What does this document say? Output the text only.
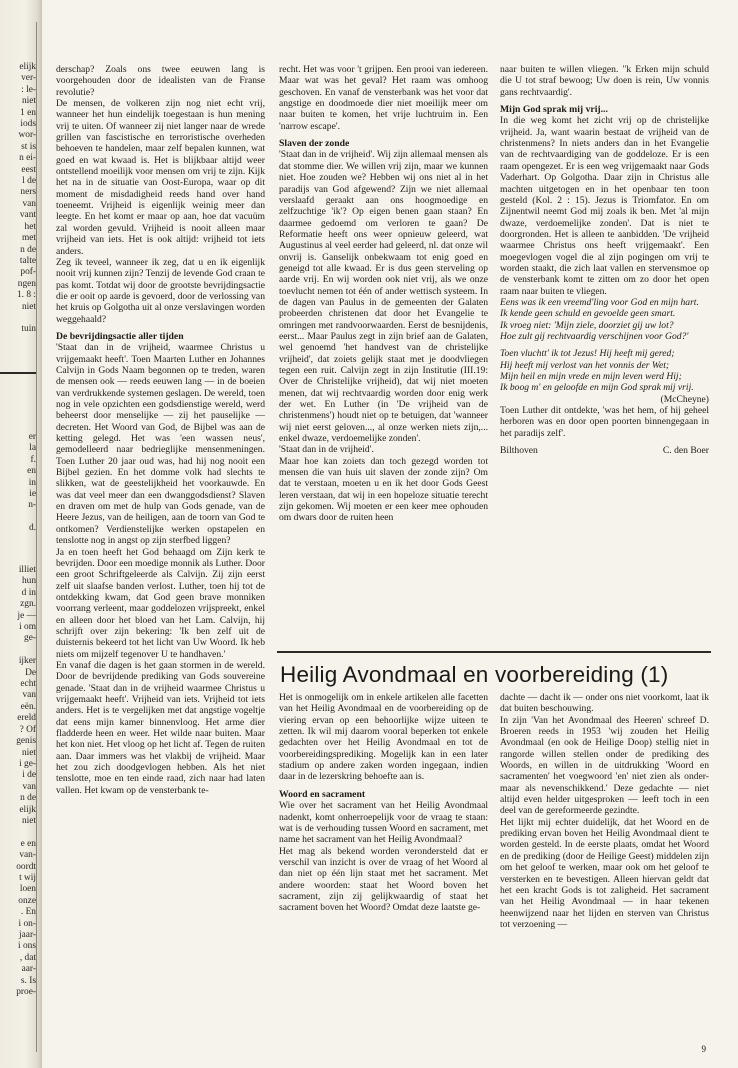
elijk
ver-
: le-
niet
1 en
iods
wor-
st is
n ei-
eest
l de
ners
van
vant
het
met
n de
talte
pof-
ngen
1. 8 :
niet

tuin
er
la
f.
en
in
ie
n-

d.
illiet
hun
d in
zgn.
je —
i om
ge-

ijker
De
echt
van
eën.
ereld
? Of
genis
niet
i ge-
i de
van
n de
elijk
niet

e en
van-
oordt
t wij
loen
onze
. En
i on-
jaar-
i ons
, dat
aar-
s. Is
proe-

derschap? Zoals ons twee eeuwen lang is voorgehouden door de idealisten van de Franse revolutie?

De mensen, de volkeren zijn nog niet echt vrij, wanneer het hun eindelijk toegestaan is hun mening vrij te uiten. Of wanneer zij niet langer naar de wrede grillen van fascistische en terroristische overheden behoeven te handelen, maar zelf bepalen kunnen, wat goed en wat kwaad is. Het is blijkbaar altijd weer ontstellend moeilijk voor mensen om vrij te zijn. Kijk het na in de situatie van Oost-Europa, waar op dit moment de misdadigheid reeds hand over hand toeneemt. Vrijheid is eigenlijk weinig meer dan leegte. En het komt er maar op aan, hoe dat vacuüm zal worden gevuld. Vrijheid is nooit alleen maar vrijheid van iets. Het is ook altijd: vrijheid tot iets anders.

Zeg ik teveel, wanneer ik zeg, dat u en ik eigenlijk nooit vrij kunnen zijn? Tenzij de levende God craan te pas komt. Totdat wij door de grootste bevrijdingsactie die er ooit op aarde is gevoerd, door de verlossing van het kruis op Golgotha uit al onze verslavingen worden weggehaald?

De bevrijdingsactie aller tijden

'Staat dan in de vrijheid, waarmee Christus u vrijgemaakt heeft'. Toen Maarten Luther en Johannes Calvijn in Gods Naam begonnen op te treden, waren de mensen ook — reeds eeuwen lang — in de boeien van verdrukkende systemen geslagen. De wereld, toen nog in vele opzichten een godsdienstige wereld, werd beheerst door menselijke — zij het pauselijke — decreten. Het Woord van God, de Bijbel was aan de ketting gelegd. Het was 'een wassen neus', gemodelleerd naar bedrieglijke mensenmeningen. Toen Luther 20 jaar oud was, had hij nog nooit een Bijbel gezien. En het domme volk had slechts te slikken, wat de geestelijkheid het voorkauwde. En was dat veel meer dan een dwanggodsdienst? Slaven en draven om met de hulp van Gods genade, van de Heere Jezus, van de heiligen, aan de toorn van God te ontkomen? Verdienstelijke werken opstapelen en tenslotte nog in angst op zijn sterfbed liggen?

Ja en toen heeft het God behaagd om Zijn kerk te bevrijden. Door een moedige monnik als Luther. Door een groot Schriftgeleerde als Calvijn. Zij zijn eerst zelf uit slaafse banden verlost. Luther, toen hij tot de ontdekking kwam, dat God geen brave monniken voorrang verleent, maar goddelozen vrijspreekt, enkel en alleen door het bloed van het Lam. Calvijn, hij schrijft over zijn bekering: 'Ik ben zelf uit de duisternis bekeerd tot het licht van Uw Woord. Ik heb niets om mijzelf tegenover U te handhaven.'

En vanaf die dagen is het gaan stormen in de wereld. Door de bevrijdende prediking van Gods souvereine genade. 'Staat dan in de vrijheid waarmee Christus u vrijgemaakt heeft'. Vrijheid van iets. Vrijheid tot iets anders. Het is te vergelijken met dat angstige vogeltje dat eens mijn kamer binnenvloog. Het arme dier fladderde heen en weer. Het wilde naar buiten. Maar het kon niet. Het vloog op het licht af. Tegen de ruiten aan. Daar immers was het vlakbij de vrijheid. Maar het zou zich doodgevlogen hebben. Als het niet tenslotte, moe en ten einde raad, zich naar had laten vallen. Het kwam op de vensterbank te-

recht. Het was voor 't grijpen. Een prooi van iedereen. Maar wat was het geval? Het raam was omhoog geschoven. En vanaf de vensterbank was het voor dat angstige en doodmoede dier niet moeilijk meer om naar buiten te komen, het vrije luchtruim in. Een 'narrow escape'.

Slaven der zonde

'Staat dan in de vrijheid'. Wij zijn allemaal mensen als dat stomme dier. We willen vrij zijn, maar we kunnen niet. Hoe zouden we? Hebben wij ons niet al in het paradijs van God afgewend? Zijn we niet allemaal verslaafd geraakt aan ons hoogmoedige en zelfzuchtige 'ik'? Op eigen benen gaan staan? En daarmee gedoemd om verloren te gaan? De Reformatie heeft ons weer opnieuw geleerd, wat Augustinus al veel eerder had geleerd, nl. dat onze wil onvrij is. Ganselijk onbekwaam tot enig goed en geneigd tot alle kwaad. Er is dus geen sterveling op aarde vrij. En wij worden ook niet vrij, als we onze toevlucht nemen tot één of ander wettisch systeem. In de dagen van Paulus in de gemeenten der Galaten probeerden christenen dat door het Evangelie te omringen met randvoorwaarden. Eerst de besnijdenis, eerst... Maar Paulus zegt in zijn brief aan de Galaten, wel genoemd 'het handvest van de christelijke vrijheid', dat zoiets gelijk staat met je doodvliegen tegen een ruit. Calvijn zegt in zijn Institutie (III.19: Over de Christelijke vrijheid), dat wij niet moeten menen, dat wij rechtvaardig worden door enig werk der wet. En Luther (in 'De vrijheid van de christenmens') houdt niet op te betuigen, dat 'wanneer wij niet eerst geloven..., al onze werken niets zijn,... enkel dwaze, verdoemelijke zonden'.

'Staat dan in de vrijheid'.

Maar hoe kan zoiets dan toch gezegd worden tot mensen die van huis uit slaven der zonde zijn? Om dat te verstaan, moeten u en ik het door Gods Geest leren verstaan, dat wij in een hopeloze situatie terecht zijn gekomen. Wij moeten er een keer mee ophouden om dwars door de ruiten heen

naar buiten te willen vliegen. "k Erken mijn schuld die U tot straf bewoog; Uw doen is rein, Uw vonnis gans rechtvaardig'.

Mijn God sprak mij vrij...

In die weg komt het zicht vrij op de christelijke vrijheid. Ja, want waarin bestaat de vrijheid van de christenmens? In niets anders dan in het Evangelie van de rechtvaardiging van de goddeloze. Er is een raam opengezet. Er is een weg vrijgemaakt naar Gods Vaderhart. Op Golgotha. Daar zijn in Christus alle machten uitgetogen en in het openbaar ten toon gesteld (Kol. 2 : 15). Jezus is Triomfator. En om Zijnentwil neemt God mij zoals ik ben. Met 'al mijn dwaze, verdoemelijke zonden'. Dat is niet te doorgronden. Het is alleen te aanbidden. 'De vrijheid waarmee Christus ons heeft vrijgemaakt'. Een moegevlogen vogel die al zijn pogingen om vrij te worden staakt, die zich laat vallen en stervensmoe op de vensterbank komt te zitten om zo door het open raam naar buiten te vliegen.

Eens was ik een vreemd'ling voor God en mijn hart.

Ik kende geen schuld en gevoelde geen smart.

Ik vroeg niet: 'Mijn ziele, doorziet gij uw lot?

Hoe zult gij rechtvaardig verschijnen voor God?'

Toen vluchtt' ik tot Jezus! Hij heeft mij gered;

Hij heeft mij verlost van het vonnis der Wet;

Mijn heil en mijn vrede en mijn leven werd Hij;

Ik boog m' en geloofde en mijn God sprak mij vrij.

(McCheyne)

Toen Luther dit ontdekte, 'was het hem, of hij geheel herboren was en door open poorten binnengegaan in het paradijs zelf'.

Bilthoven	C. den Boer
Heilig Avondmaal en voorbereiding (1)

Het is onmogelijk om in enkele artikelen alle facetten van het Heilig Avondmaal en de voorbereiding op de viering ervan op een behoorlijke wijze uiteen te zetten. Ik wil mij daarom vooral beperken tot enkele gedachten over het Heilig Avondmaal en tot de voorbereidingsprediking. Mogelijk kan in een later stadium op andere zaken worden ingegaan, indien daar in de lezerskring behoefte aan is.

Woord en sacrament

Wie over het sacrament van het Heilig Avondmaal nadenkt, komt onherroepelijk voor de vraag te staan: wat is de verhouding tussen Woord en sacrament, met name het sacrament van het Heilig Avondmaal?

Het mag als bekend worden verondersteld dat er verschil van inzicht is over de vraag of het Woord al dan niet op één lijn staat met het sacrament. Met andere woorden: staat het Woord boven het sacrament, zijn zij gelijkwaardig of staat het sacrament boven het Woord? Omdat deze laatste ge-

dachte — dacht ik — onder ons niet voorkomt, laat ik dat buiten beschouwing.

In zijn 'Van het Avondmaal des Heeren' schreef D. Broeren reeds in 1953 'wij zouden het Heilig Avondmaal (en ook de Heilige Doop) stellig niet in rangorde willen stellen onder de prediking des Woords, en willen in de uitdrukking 'Woord en sacramenten' het voegwoord 'en' niet zien als onder- maar als nevenschikkend.' Deze gedachte — niet altijd even helder uitgesproken — leeft toch in een deel van de gereformeerde gezindte.

Het lijkt mij echter duidelijk, dat het Woord en de prediking ervan boven het Heilig Avondmaal dient te worden gesteld. In de eerste plaats, omdat het Woord en de prediking (door de Heilige Geest) middelen zijn om het geloof te werken, maar ook om het geloof te versterken en te bevestigen. Alleen hiervan geldt dat het een kracht Gods is tot zaligheid. Het sacrament van het Heilig Avondmaal — in haar tekenen heenwijzend naar het lijden en sterven van Christus tot verzoening —

9
